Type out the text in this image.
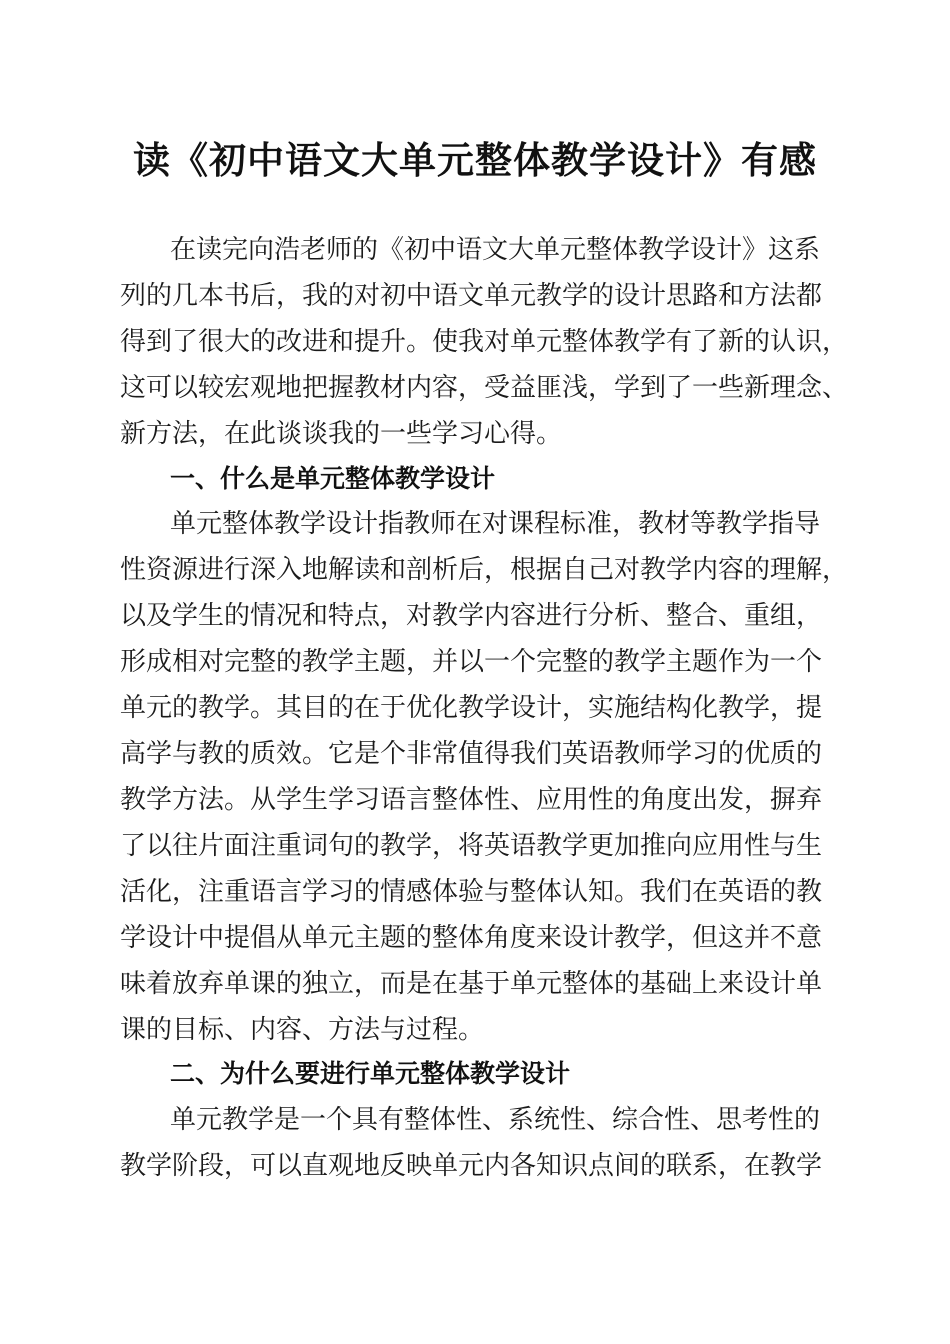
读《初中语文大单元整体教学设计》有感
在读完向浩老师的《初中语文大单元整体教学设计》这系
列的几本书后，我的对初中语文单元教学的设计思路和方法都
得到了很大的改进和提升。使我对单元整体教学有了新的认识，
这可以较宏观地把握教材内容，受益匪浅，学到了一些新理念、
新方法，在此谈谈我的一些学习心得。
一、什么是单元整体教学设计
单元整体教学设计指教师在对课程标准，教材等教学指导
性资源进行深入地解读和剖析后，根据自己对教学内容的理解，
以及学生的情况和特点，对教学内容进行分析、整合、重组，
形成相对完整的教学主题，并以一个完整的教学主题作为一个
单元的教学。其目的在于优化教学设计，实施结构化教学，提
高学与教的质效。它是个非常值得我们英语教师学习的优质的
教学方法。从学生学习语言整体性、应用性的角度出发，摒弃
了以往片面注重词句的教学，将英语教学更加推向应用性与生
活化，注重语言学习的情感体验与整体认知。我们在英语的教
学设计中提倡从单元主题的整体角度来设计教学，但这并不意
味着放弃单课的独立，而是在基于单元整体的基础上来设计单
课的目标、内容、方法与过程。
二、为什么要进行单元整体教学设计
单元教学是一个具有整体性、系统性、综合性、思考性的
教学阶段，可以直观地反映单元内各知识点间的联系，在教学
